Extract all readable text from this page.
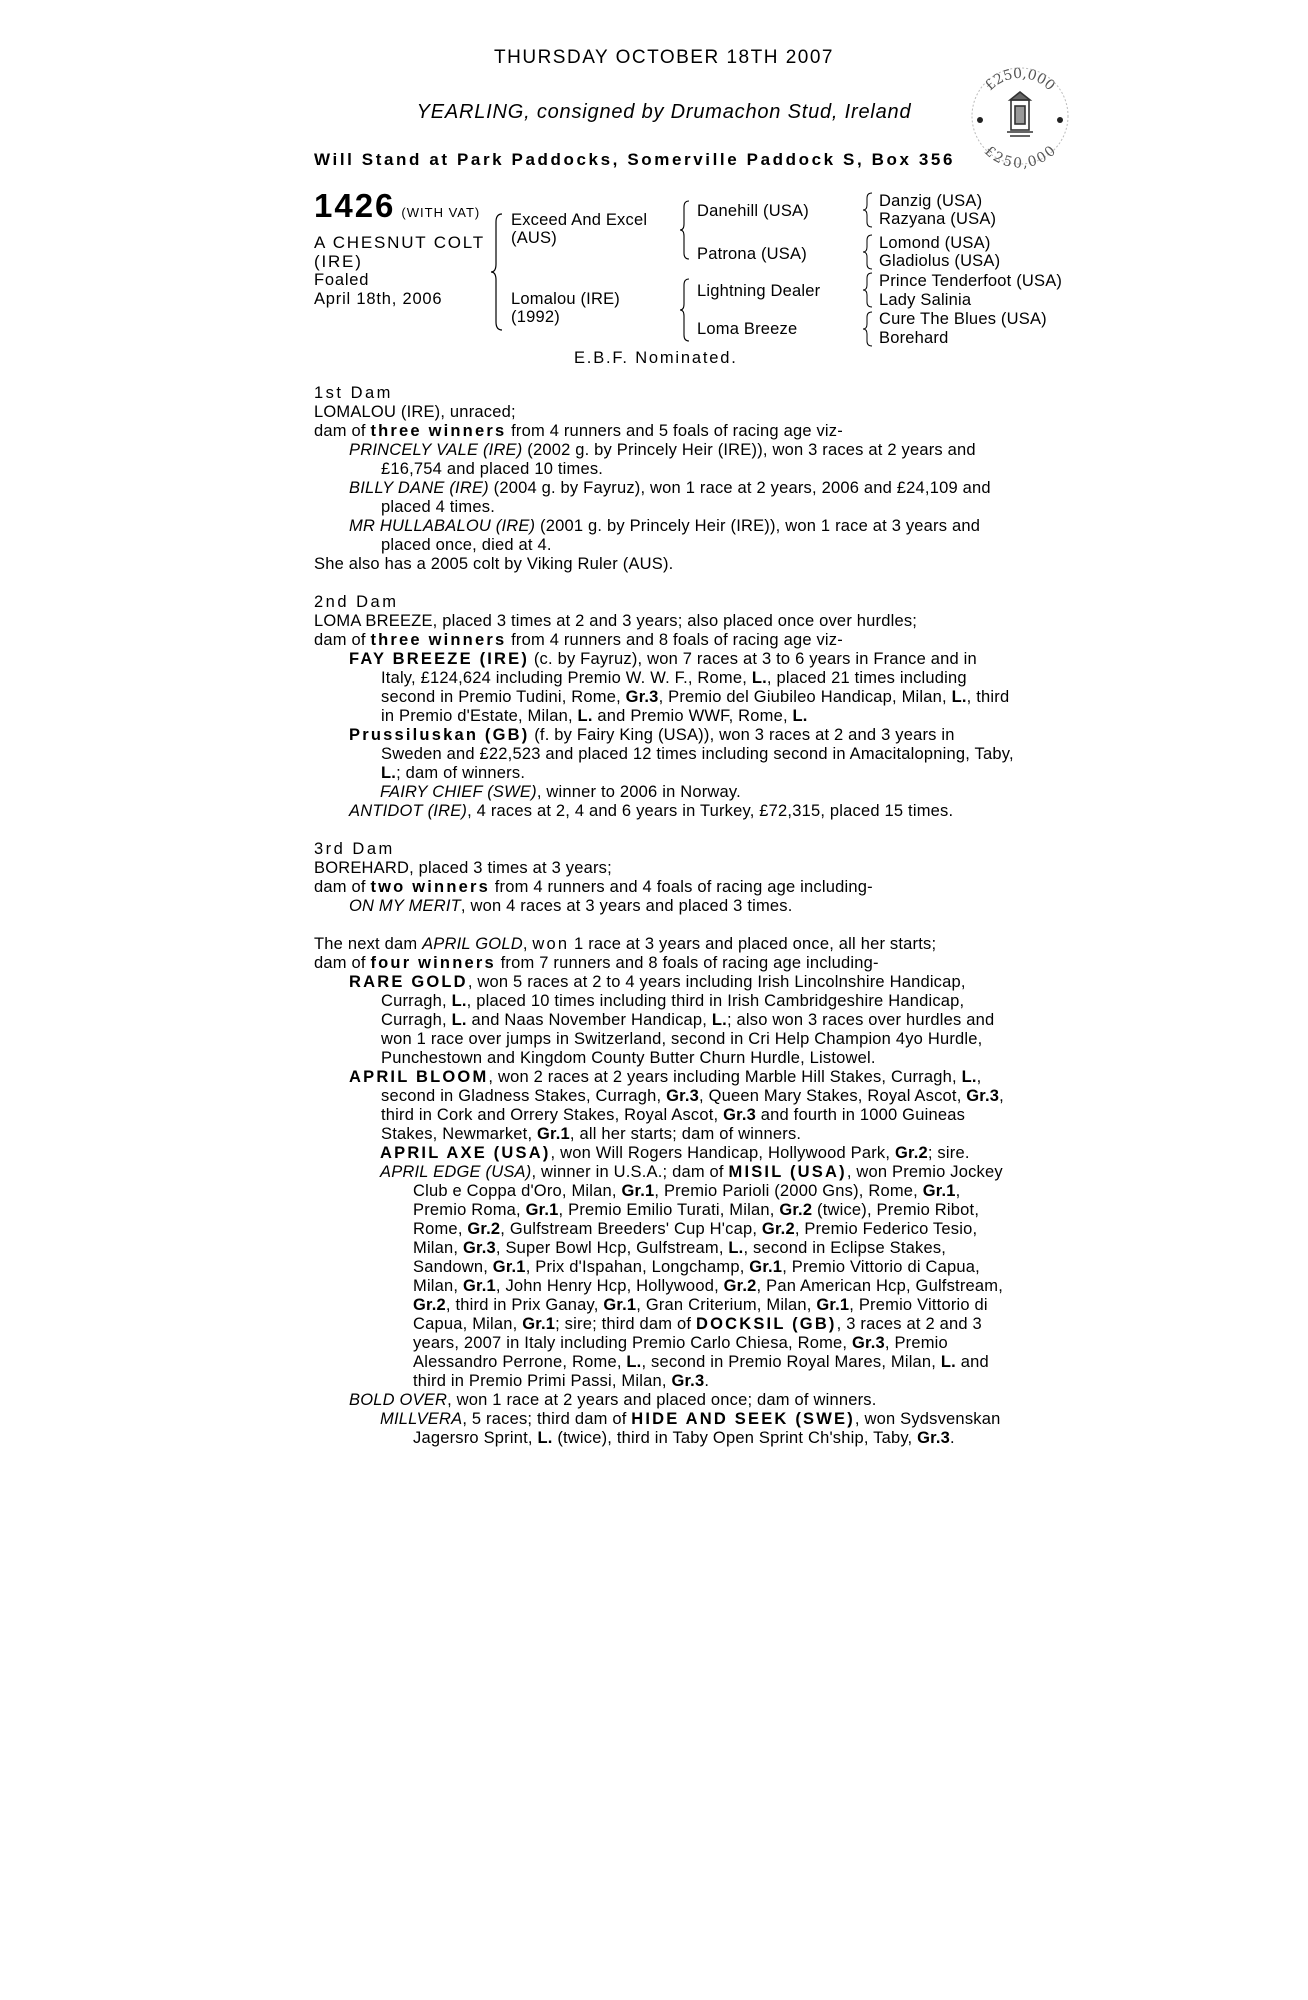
THURSDAY OCTOBER 18TH 2007
YEARLING, consigned by Drumachon Stud, Ireland
Will Stand at Park Paddocks, Somerville Paddock S, Box 356
1426 (WITH VAT)
A CHESNUT COLT
(IRE)
Foaled
April 18th, 2006
Exceed And Excel
(AUS)
Lomalou (IRE)
(1992)
Danehill (USA)
Patrona (USA)
Lightning Dealer
Loma Breeze
Danzig (USA)
Razyana (USA)
Lomond (USA)
Gladiolus (USA)
Prince Tenderfoot (USA)
Lady Salinia
Cure The Blues (USA)
Borehard
E.B.F. Nominated.

1st Dam

LOMALOU (IRE), unraced;

dam of three winners from 4 runners and 5 foals of racing age viz-

PRINCELY VALE (IRE) (2002 g. by Princely Heir (IRE)), won 3 races at 2 years and £16,754 and placed 10 times.

BILLY DANE (IRE) (2004 g. by Fayruz), won 1 race at 2 years, 2006 and £24,109 and placed 4 times.

MR HULLABALOU (IRE) (2001 g. by Princely Heir (IRE)), won 1 race at 3 years and placed once, died at 4.

She also has a 2005 colt by Viking Ruler (AUS).

2nd Dam

LOMA BREEZE, placed 3 times at 2 and 3 years; also placed once over hurdles;

dam of three winners from 4 runners and 8 foals of racing age viz-

FAY BREEZE (IRE) (c. by Fayruz), won 7 races at 3 to 6 years in France and in Italy, £124,624 including Premio W. W. F., Rome, L., placed 21 times including second in Premio Tudini, Rome, Gr.3, Premio del Giubileo Handicap, Milan, L., third in Premio d'Estate, Milan, L. and Premio WWF, Rome, L.

Prussiluskan (GB) (f. by Fairy King (USA)), won 3 races at 2 and 3 years in Sweden and £22,523 and placed 12 times including second in Amacitalopning, Taby, L.; dam of winners.

FAIRY CHIEF (SWE), winner to 2006 in Norway.

ANTIDOT (IRE), 4 races at 2, 4 and 6 years in Turkey, £72,315, placed 15 times.

3rd Dam

BOREHARD, placed 3 times at 3 years;

dam of two winners from 4 runners and 4 foals of racing age including-

ON MY MERIT, won 4 races at 3 years and placed 3 times.

The next dam APRIL GOLD, won 1 race at 3 years and placed once, all her starts;

dam of four winners from 7 runners and 8 foals of racing age including-

RARE GOLD, won 5 races at 2 to 4 years including Irish Lincolnshire Handicap, Curragh, L., placed 10 times including third in Irish Cambridgeshire Handicap, Curragh, L. and Naas November Handicap, L.; also won 3 races over hurdles and won 1 race over jumps in Switzerland, second in Cri Help Champion 4yo Hurdle, Punchestown and Kingdom County Butter Churn Hurdle, Listowel.

APRIL BLOOM, won 2 races at 2 years including Marble Hill Stakes, Curragh, L., second in Gladness Stakes, Curragh, Gr.3, Queen Mary Stakes, Royal Ascot, Gr.3, third in Cork and Orrery Stakes, Royal Ascot, Gr.3 and fourth in 1000 Guineas Stakes, Newmarket, Gr.1, all her starts; dam of winners.

APRIL AXE (USA), won Will Rogers Handicap, Hollywood Park, Gr.2; sire.

APRIL EDGE (USA), winner in U.S.A.; dam of MISIL (USA), won Premio Jockey Club e Coppa d'Oro, Milan, Gr.1, Premio Parioli (2000 Gns), Rome, Gr.1, Premio Roma, Gr.1, Premio Emilio Turati, Milan, Gr.2 (twice), Premio Ribot, Rome, Gr.2, Gulfstream Breeders' Cup H'cap, Gr.2, Premio Federico Tesio, Milan, Gr.3, Super Bowl Hcp, Gulfstream, L., second in Eclipse Stakes, Sandown, Gr.1, Prix d'Ispahan, Longchamp, Gr.1, Premio Vittorio di Capua, Milan, Gr.1, John Henry Hcp, Hollywood, Gr.2, Pan American Hcp, Gulfstream, Gr.2, third in Prix Ganay, Gr.1, Gran Criterium, Milan, Gr.1, Premio Vittorio di Capua, Milan, Gr.1; sire; third dam of DOCKSIL (GB), 3 races at 2 and 3 years, 2007 in Italy including Premio Carlo Chiesa, Rome, Gr.3, Premio Alessandro Perrone, Rome, L., second in Premio Royal Mares, Milan, L. and third in Premio Primi Passi, Milan, Gr.3.

BOLD OVER, won 1 race at 2 years and placed once; dam of winners.

MILLVERA, 5 races; third dam of HIDE AND SEEK (SWE), won Sydsvenskan Jagersro Sprint, L. (twice), third in Taby Open Sprint Ch'ship, Taby, Gr.3.

£250,000
£250,000
